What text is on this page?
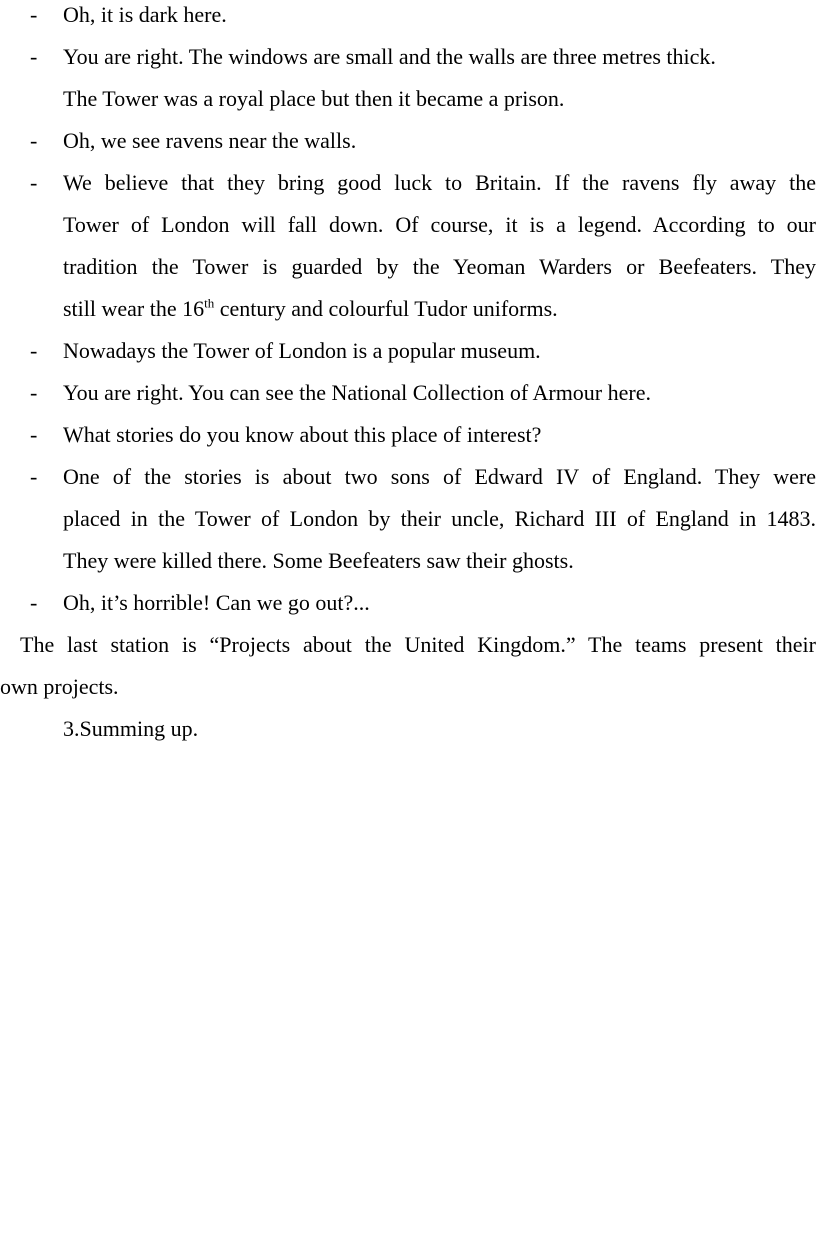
- Oh, it is dark here.
- You are right. The windows are small and the walls are three metres thick.
The Tower was a royal place but then it became a prison.
- Oh, we see ravens near the walls.
- We believe that they bring good luck to Britain. If the ravens fly away the
Tower of London will fall down. Of course, it is a legend. According to our
tradition the Tower is guarded by the Yeoman Warders or Beefeaters. They
still wear the 16th century and colourful Tudor uniforms.
- Nowadays the Tower of London is a popular museum.
- You are right. You can see the National Collection of Armour here.
- What stories do you know about this place of interest?
- One of the stories is about two sons of Edward IV of England. They were
placed in the Tower of London by their uncle, Richard III of England in 1483.
They were killed there. Some Beefeaters saw their ghosts.
- Oh, it’s horrible! Can we go out?...
The last station is “Projects about the United Kingdom.” The teams present their
own projects.
3.Summing up.
